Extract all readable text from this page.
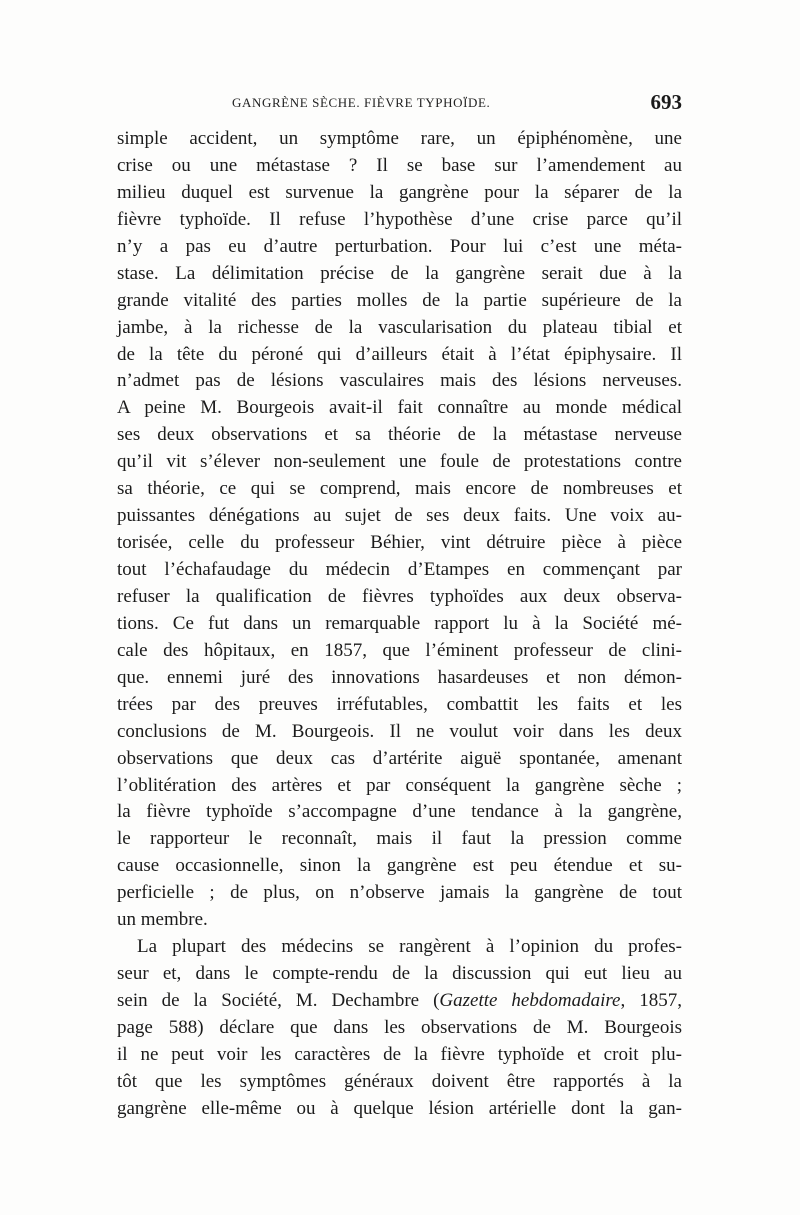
GANGRÈNE SÈCHE. FIÈVRE TYPHOÏDE.	693
simple accident, un symptôme rare, un épiphénomène, une
crise ou une métastase ? Il se base sur l’amendement au
milieu duquel est survenue la gangrène pour la séparer de la
fièvre typhoïde. Il refuse l’hypothèse d’une crise parce qu’il
n’y a pas eu d’autre perturbation. Pour lui c’est une méta-
stase. La délimitation précise de la gangrène serait due à la
grande vitalité des parties molles de la partie supérieure de la
jambe, à la richesse de la vascularisation du plateau tibial et
de la tête du péroné qui d’ailleurs était à l’état épiphysaire. Il
n’admet pas de lésions vasculaires mais des lésions nerveuses.
A peine M. Bourgeois avait-il fait connaître au monde médical
ses deux observations et sa théorie de la métastase nerveuse
qu’il vit s’élever non-seulement une foule de protestations contre
sa théorie, ce qui se comprend, mais encore de nombreuses et
puissantes dénégations au sujet de ses deux faits. Une voix au-
torisée, celle du professeur Béhier, vint détruire pièce à pièce
tout l’échafaudage du médecin d’Etampes en commençant par
refuser la qualification de fièvres typhoïdes aux deux observa-
tions. Ce fut dans un remarquable rapport lu à la Société mé-
cale des hôpitaux, en 1857, que l’éminent professeur de clini-
que. ennemi juré des innovations hasardeuses et non démon-
trées par des preuves irréfutables, combattit les faits et les
conclusions de M. Bourgeois. Il ne voulut voir dans les deux
observations que deux cas d’artérite aiguë spontanée, amenant
l’oblitération des artères et par conséquent la gangrène sèche ;
la fièvre typhoïde s’accompagne d’une tendance à la gangrène,
le rapporteur le reconnaît, mais il faut la pression comme
cause occasionnelle, sinon la gangrène est peu étendue et su-
perficielle ; de plus, on n’observe jamais la gangrène de tout
un membre.
La plupart des médecins se rangèrent à l’opinion du profes-
seur et, dans le compte-rendu de la discussion qui eut lieu au
sein de la Société, M. Dechambre (Gazette hebdomadaire, 1857,
page 588) déclare que dans les observations de M. Bourgeois
il ne peut voir les caractères de la fièvre typhoïde et croit plu-
tôt que les symptômes généraux doivent être rapportés à la
gangrène elle-même ou à quelque lésion artérielle dont la gan-
